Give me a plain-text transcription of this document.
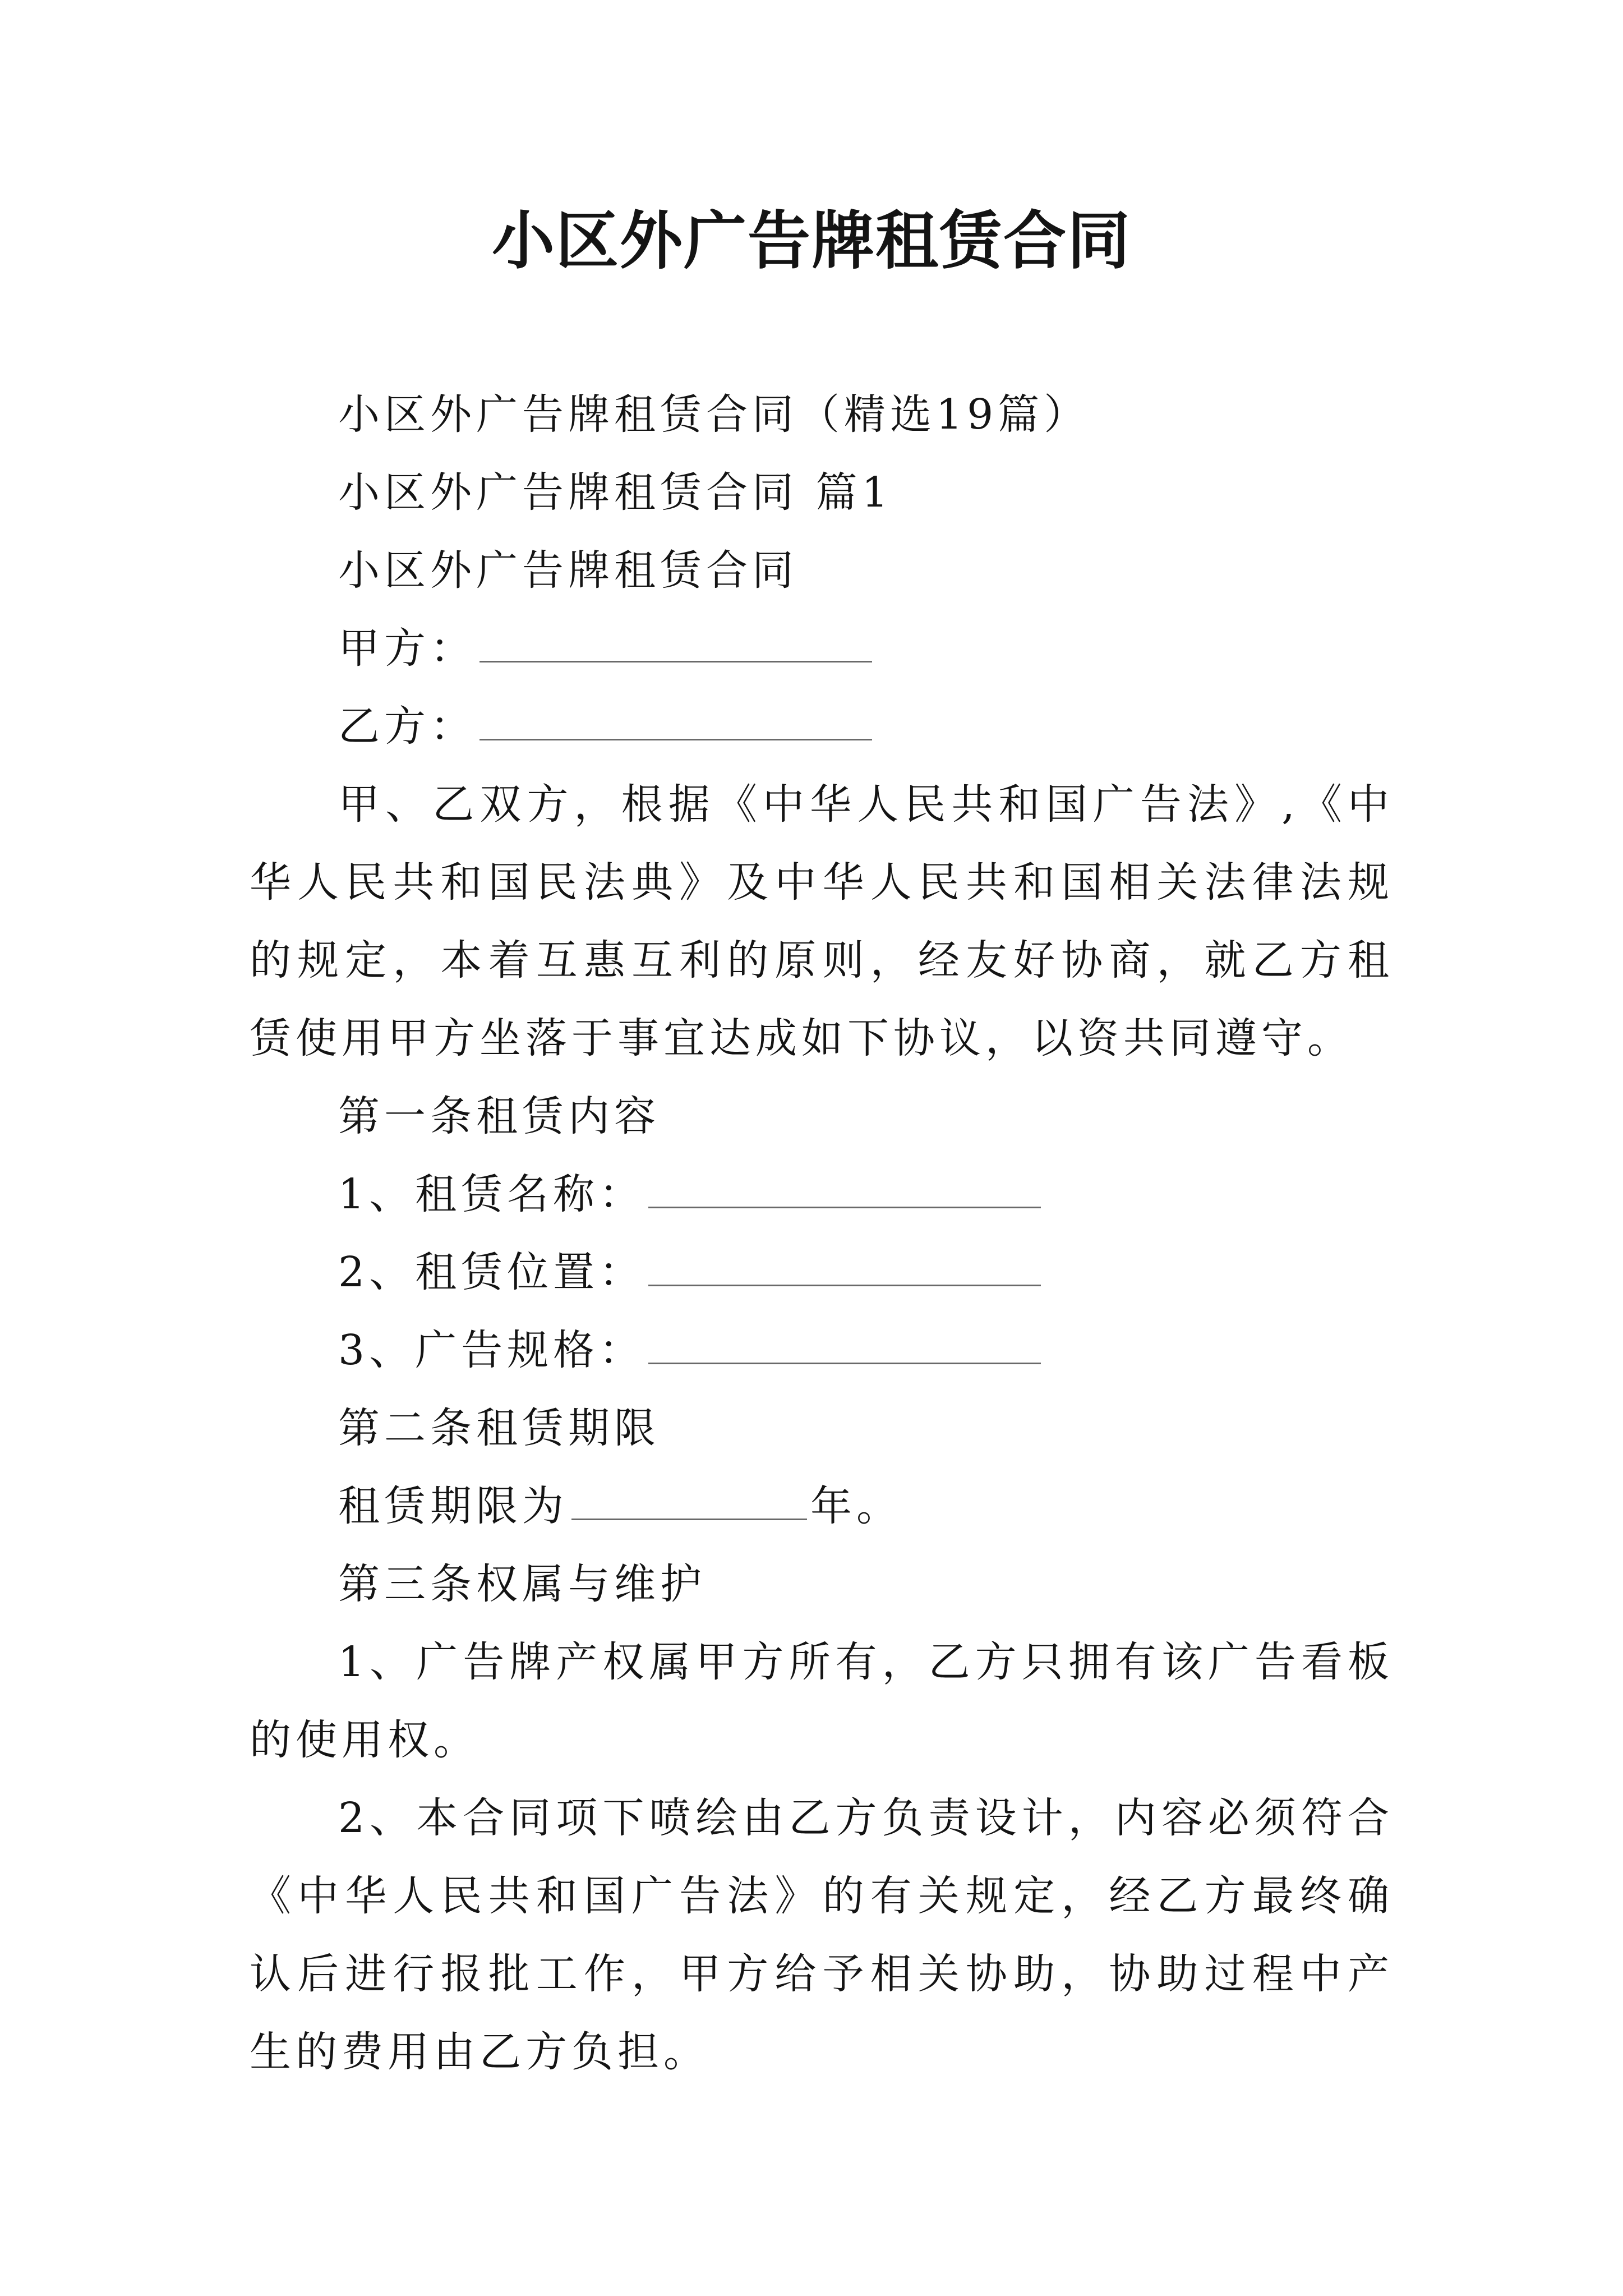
小区外广告牌租赁合同

小区外广告牌租赁合同（精选19篇）

小区外广告牌租赁合同 篇1

小区外广告牌租赁合同

甲方：

乙方：

甲、乙双方，根据《中华人民共和国广告法》,《中华人民共和国民法典》及中华人民共和国相关法律法规的规定，本着互惠互利的原则，经友好协商，就乙方租赁使用甲方坐落于事宜达成如下协议，以资共同遵守。

第一条租赁内容

1、租赁名称：

2、租赁位置：

3、广告规格：

第二条租赁期限

租赁期限为	年。

第三条权属与维护

1、广告牌产权属甲方所有，乙方只拥有该广告看板的使用权。

2、本合同项下喷绘由乙方负责设计，内容必须符合《中华人民共和国广告法》的有关规定，经乙方最终确认后进行报批工作，甲方给予相关协助，协助过程中产生的费用由乙方负担。
